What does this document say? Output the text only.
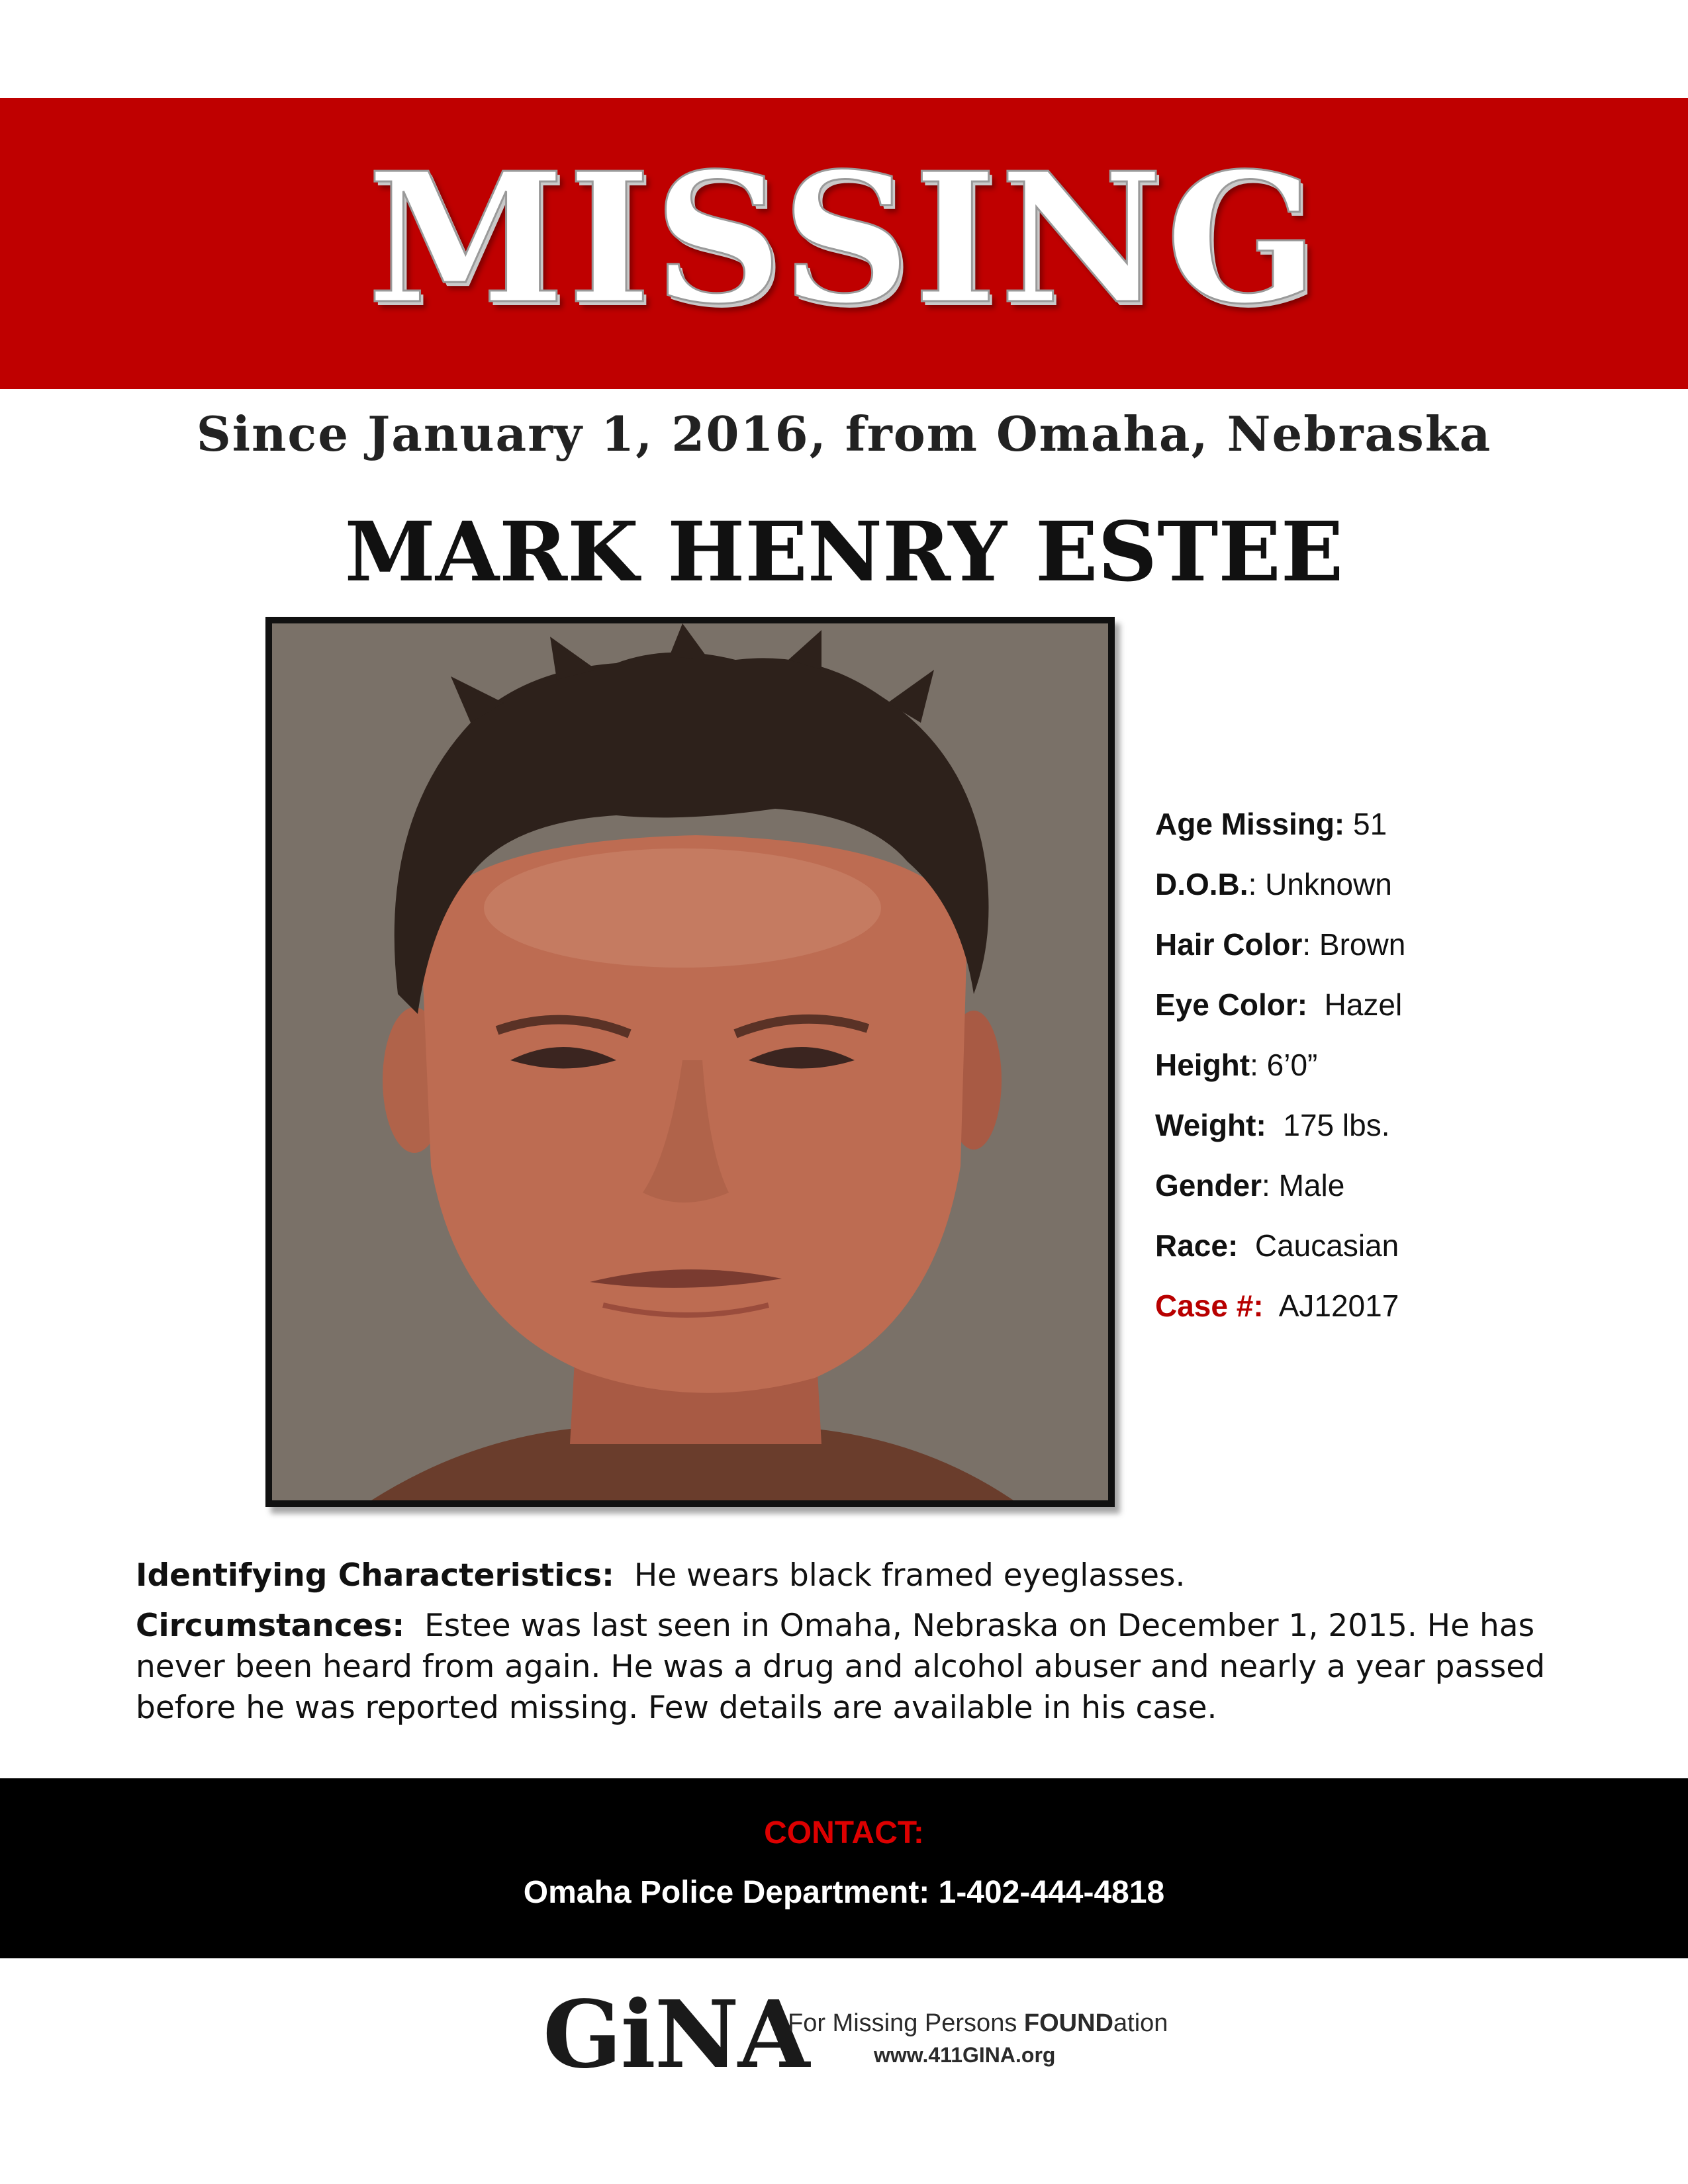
MISSING
Since January 1, 2016, from Omaha, Nebraska
MARK HENRY ESTEE
Age Missing: 51
D.O.B.: Unknown
Hair Color: Brown
Eye Color: Hazel
Height: 6’0”
Weight: 175 lbs.
Gender: Male
Race: Caucasian
Case #: AJ12017

Identifying Characteristics: He wears black framed eyeglasses.

Circumstances: Estee was last seen in Omaha, Nebraska on December 1, 2015. He has never been heard from again. He was a drug and alcohol abuser and nearly a year passed before he was reported missing. Few details are available in his case.

CONTACT:
Omaha Police Department: 1-402-444-4818
GiNA
For Missing Persons FOUNDation
www.411GINA.org
